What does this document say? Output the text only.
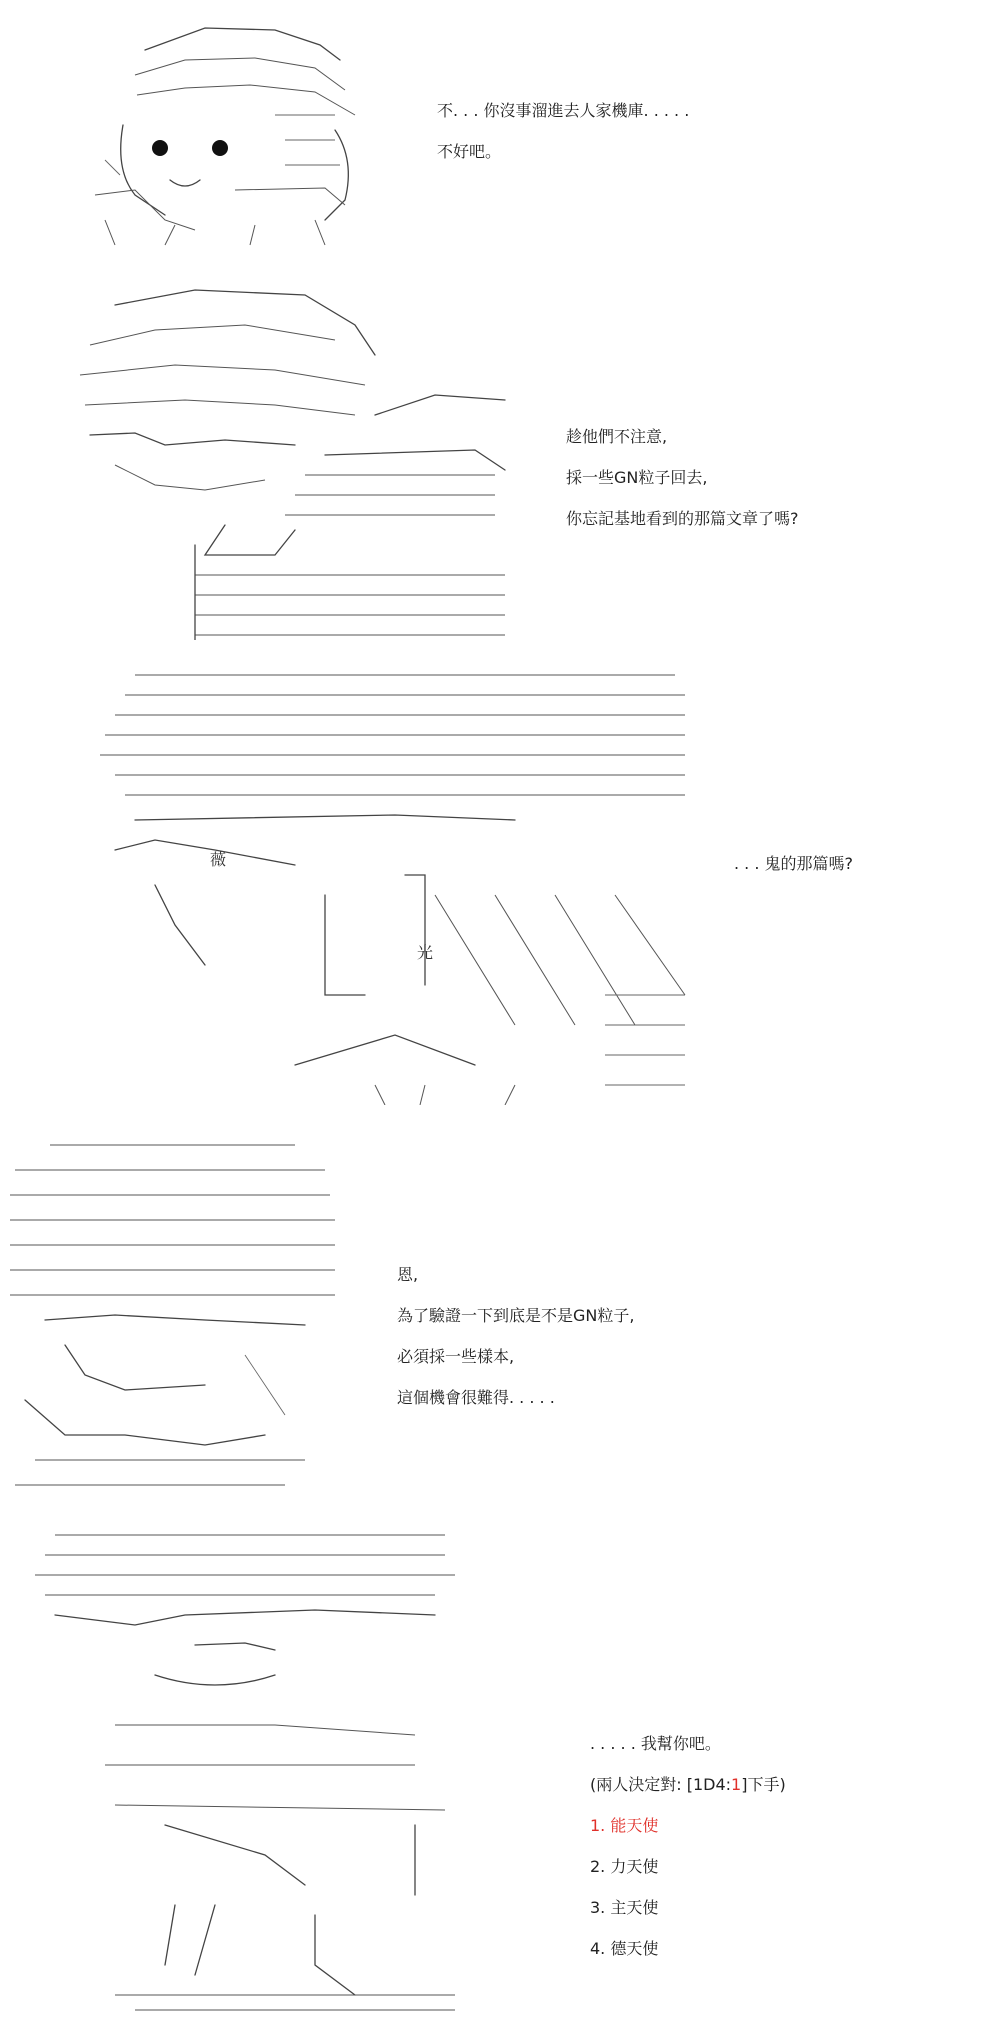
不. . . 你沒事溜進去人家機庫. . . . .
不好吧。
趁他們不注意,
採一些GN粒子回去,
你忘記基地看到的那篇文章了嗎?
薇
光
. . . 鬼的那篇嗎?
恩,
為了驗證一下到底是不是GN粒子,
必須採一些樣本,
這個機會很難得. . . . .
. . . . . 我幫你吧。
(兩人決定對: [1D4:1]下手)
1. 能天使
2. 力天使
3. 主天使
4. 德天使
